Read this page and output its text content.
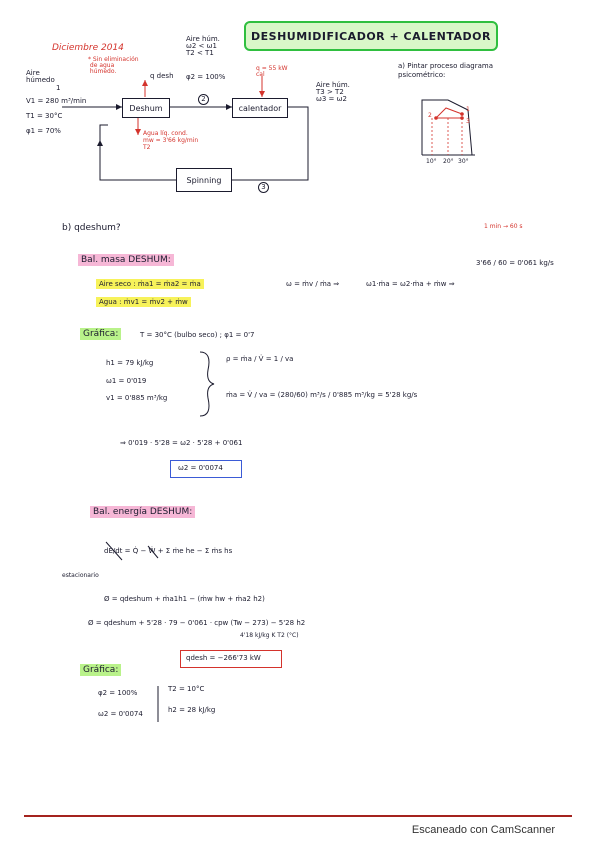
Diciembre 2014
DESHUMIDIFICADOR + CALENTADOR
Aire
húmedo
1
V1 = 280 m³/min
T1 = 30°C
φ1 = 70%
* Sin eliminación
de agua
húmedo.
q desh
Deshum
Aire húm.
ω2 < ω1
T2 < T1
φ2 = 100%
2
calentador
q = 55 kW
cal
Aire húm.
T3 > T2
ω3 = ω2
Agua líq. cond.
mw = 3'66 kg/min
T2
Spinning
3
a) Pintar proceso diagrama
psicométrico:
10° 20° 30°
1
2
3
b) qdeshum?	1 min → 60 s
Bal. masa DESHUM:
Aire seco : ṁa1 = ṁa2 = ṁa
Agua : ṁv1 = ṁv2 + ṁw
ω = ṁv / ṁa ⇒	ω1·ṁa = ω2·ṁa + ṁw ⇒
3'66 / 60 = 0'061 kg/s
Gráfica:	T = 30°C (bulbo seco) ; φ1 = 0'7
h1 = 79 kJ/kg
ω1 = 0'019
v1 = 0'885 m³/kg
ρ = ṁa / V̇ = 1 / va
ṁa = V̇ / va = (280/60) m³/s / 0'885 m³/kg = 5'28 kg/s
⇒ 0'019 · 5'28 = ω2 · 5'28 + 0'061
ω2 = 0'0074
Bal. energía DESHUM:
dE/dt = Q̇ − Ẇ + Σ ṁe he − Σ ṁs hs
estacionario
Ø = qdeshum + ṁa1h1 − (ṁw hw + ṁa2 h2)
Ø = qdeshum + 5'28 · 79 − 0'061 · cpw (Tw − 273) − 5'28 h2
4'18 kJ/kg K T2 (°C)
qdesh = −266'73 kW
Gráfica:
φ2 = 100%
ω2 = 0'0074
T2 = 10°C
h2 = 28 kJ/kg
Escaneado con CamScanner
